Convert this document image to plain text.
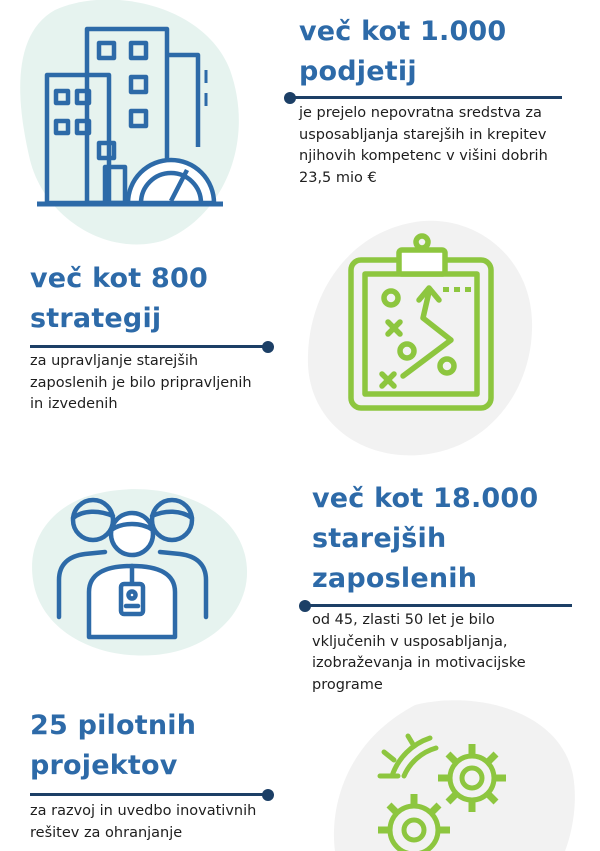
več kot 1.000
podjetij

je prejelo nepovratna sredstva za
usposabljanja starejših in krepitev
njihovih kompetenc v višini dobrih
23,5 mio €

več kot 800
strategij

za upravljanje starejših
zaposlenih je bilo pripravljenih
in izvedenih

več kot 18.000
starejših
zaposlenih

od 45, zlasti 50 let je bilo
vključenih v usposabljanja,
izobraževanja in motivacijske
programe

25 pilotnih
projektov

za razvoj in uvedbo inovativnih
rešitev za ohranjanje
